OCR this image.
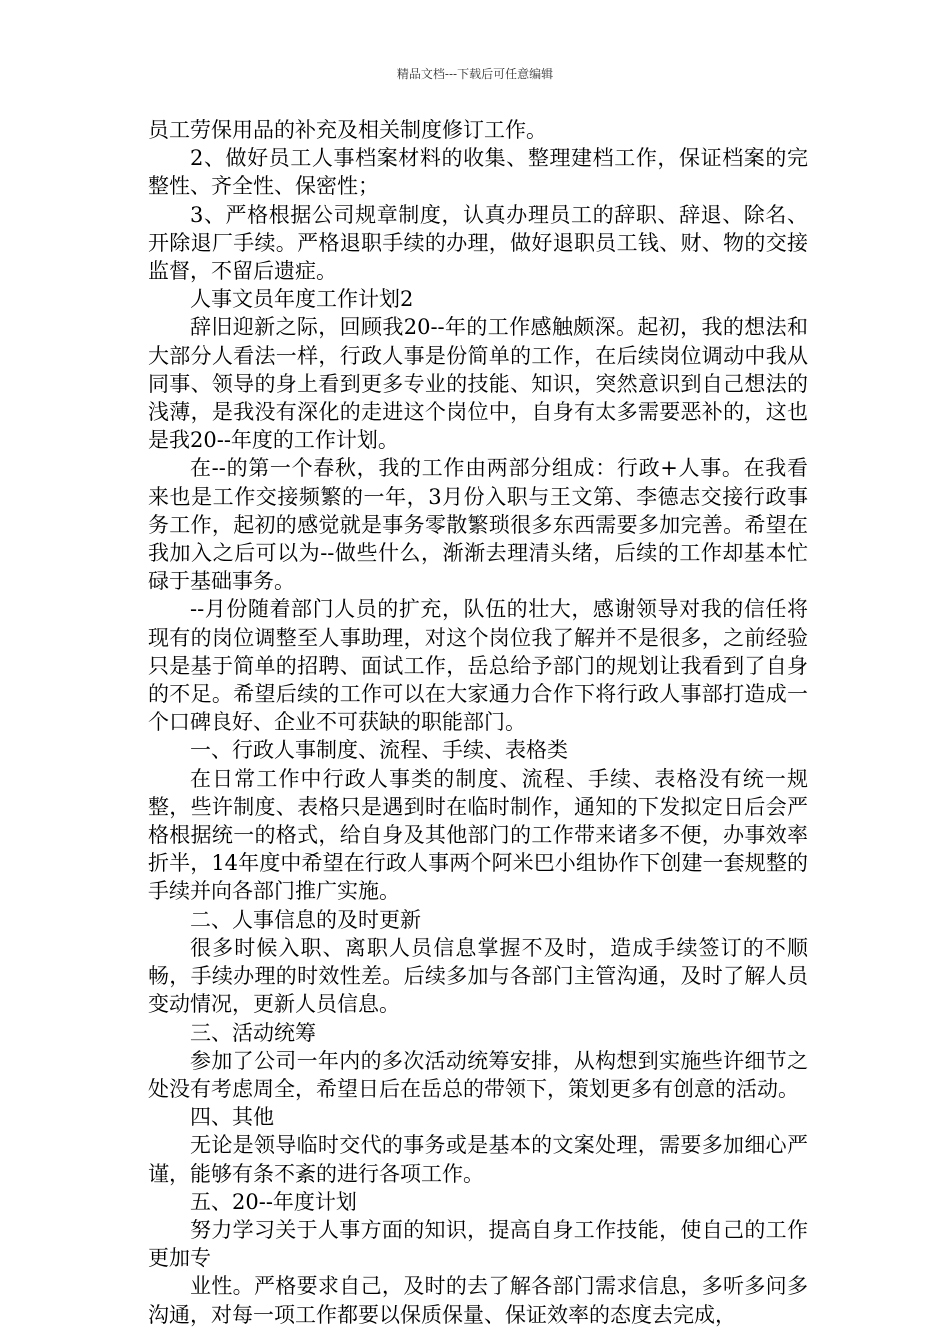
精品文档---下载后可任意编辑

员工劳保用品的补充及相关制度修订工作。

2、做好员工人事档案材料的收集、整理建档工作，保证档案的完整性、齐全性、保密性；

3、严格根据公司规章制度，认真办理员工的辞职、辞退、除名、开除退厂手续。严格退职手续的办理，做好退职员工钱、财、物的交接监督，不留后遗症。

人事文员年度工作计划2

辞旧迎新之际，回顾我20--年的工作感触颇深。起初，我的想法和大部分人看法一样，行政人事是份简单的工作，在后续岗位调动中我从同事、领导的身上看到更多专业的技能、知识，突然意识到自己想法的浅薄，是我没有深化的走进这个岗位中，自身有太多需要恶补的，这也是我20--年度的工作计划。

在--的第一个春秋，我的工作由两部分组成：行政+人事。在我看来也是工作交接频繁的一年，3月份入职与王文第、李德志交接行政事务工作，起初的感觉就是事务零散繁琐很多东西需要多加完善。希望在我加入之后可以为--做些什么，渐渐去理清头绪，后续的工作却基本忙碌于基础事务。

--月份随着部门人员的扩充，队伍的壮大，感谢领导对我的信任将现有的岗位调整至人事助理，对这个岗位我了解并不是很多，之前经验只是基于简单的招聘、面试工作，岳总给予部门的规划让我看到了自身的不足。希望后续的工作可以在大家通力合作下将行政人事部打造成一个口碑良好、企业不可获缺的职能部门。

一、行政人事制度、流程、手续、表格类

在日常工作中行政人事类的制度、流程、手续、表格没有统一规整，些许制度、表格只是遇到时在临时制作，通知的下发拟定日后会严格根据统一的格式，给自身及其他部门的工作带来诸多不便，办事效率折半，14年度中希望在行政人事两个阿米巴小组协作下创建一套规整的手续并向各部门推广实施。

二、人事信息的及时更新

很多时候入职、离职人员信息掌握不及时，造成手续签订的不顺畅，手续办理的时效性差。后续多加与各部门主管沟通，及时了解人员变动情况，更新人员信息。

三、活动统筹

参加了公司一年内的多次活动统筹安排，从构想到实施些许细节之处没有考虑周全，希望日后在岳总的带领下，策划更多有创意的活动。

四、其他

无论是领导临时交代的事务或是基本的文案处理，需要多加细心严谨，能够有条不紊的进行各项工作。

五、20--年度计划

努力学习关于人事方面的知识，提高自身工作技能，使自己的工作更加专

业性。严格要求自己，及时的去了解各部门需求信息，多听多问多沟通，对每一项工作都要以保质保量、保证效率的态度去完成，
